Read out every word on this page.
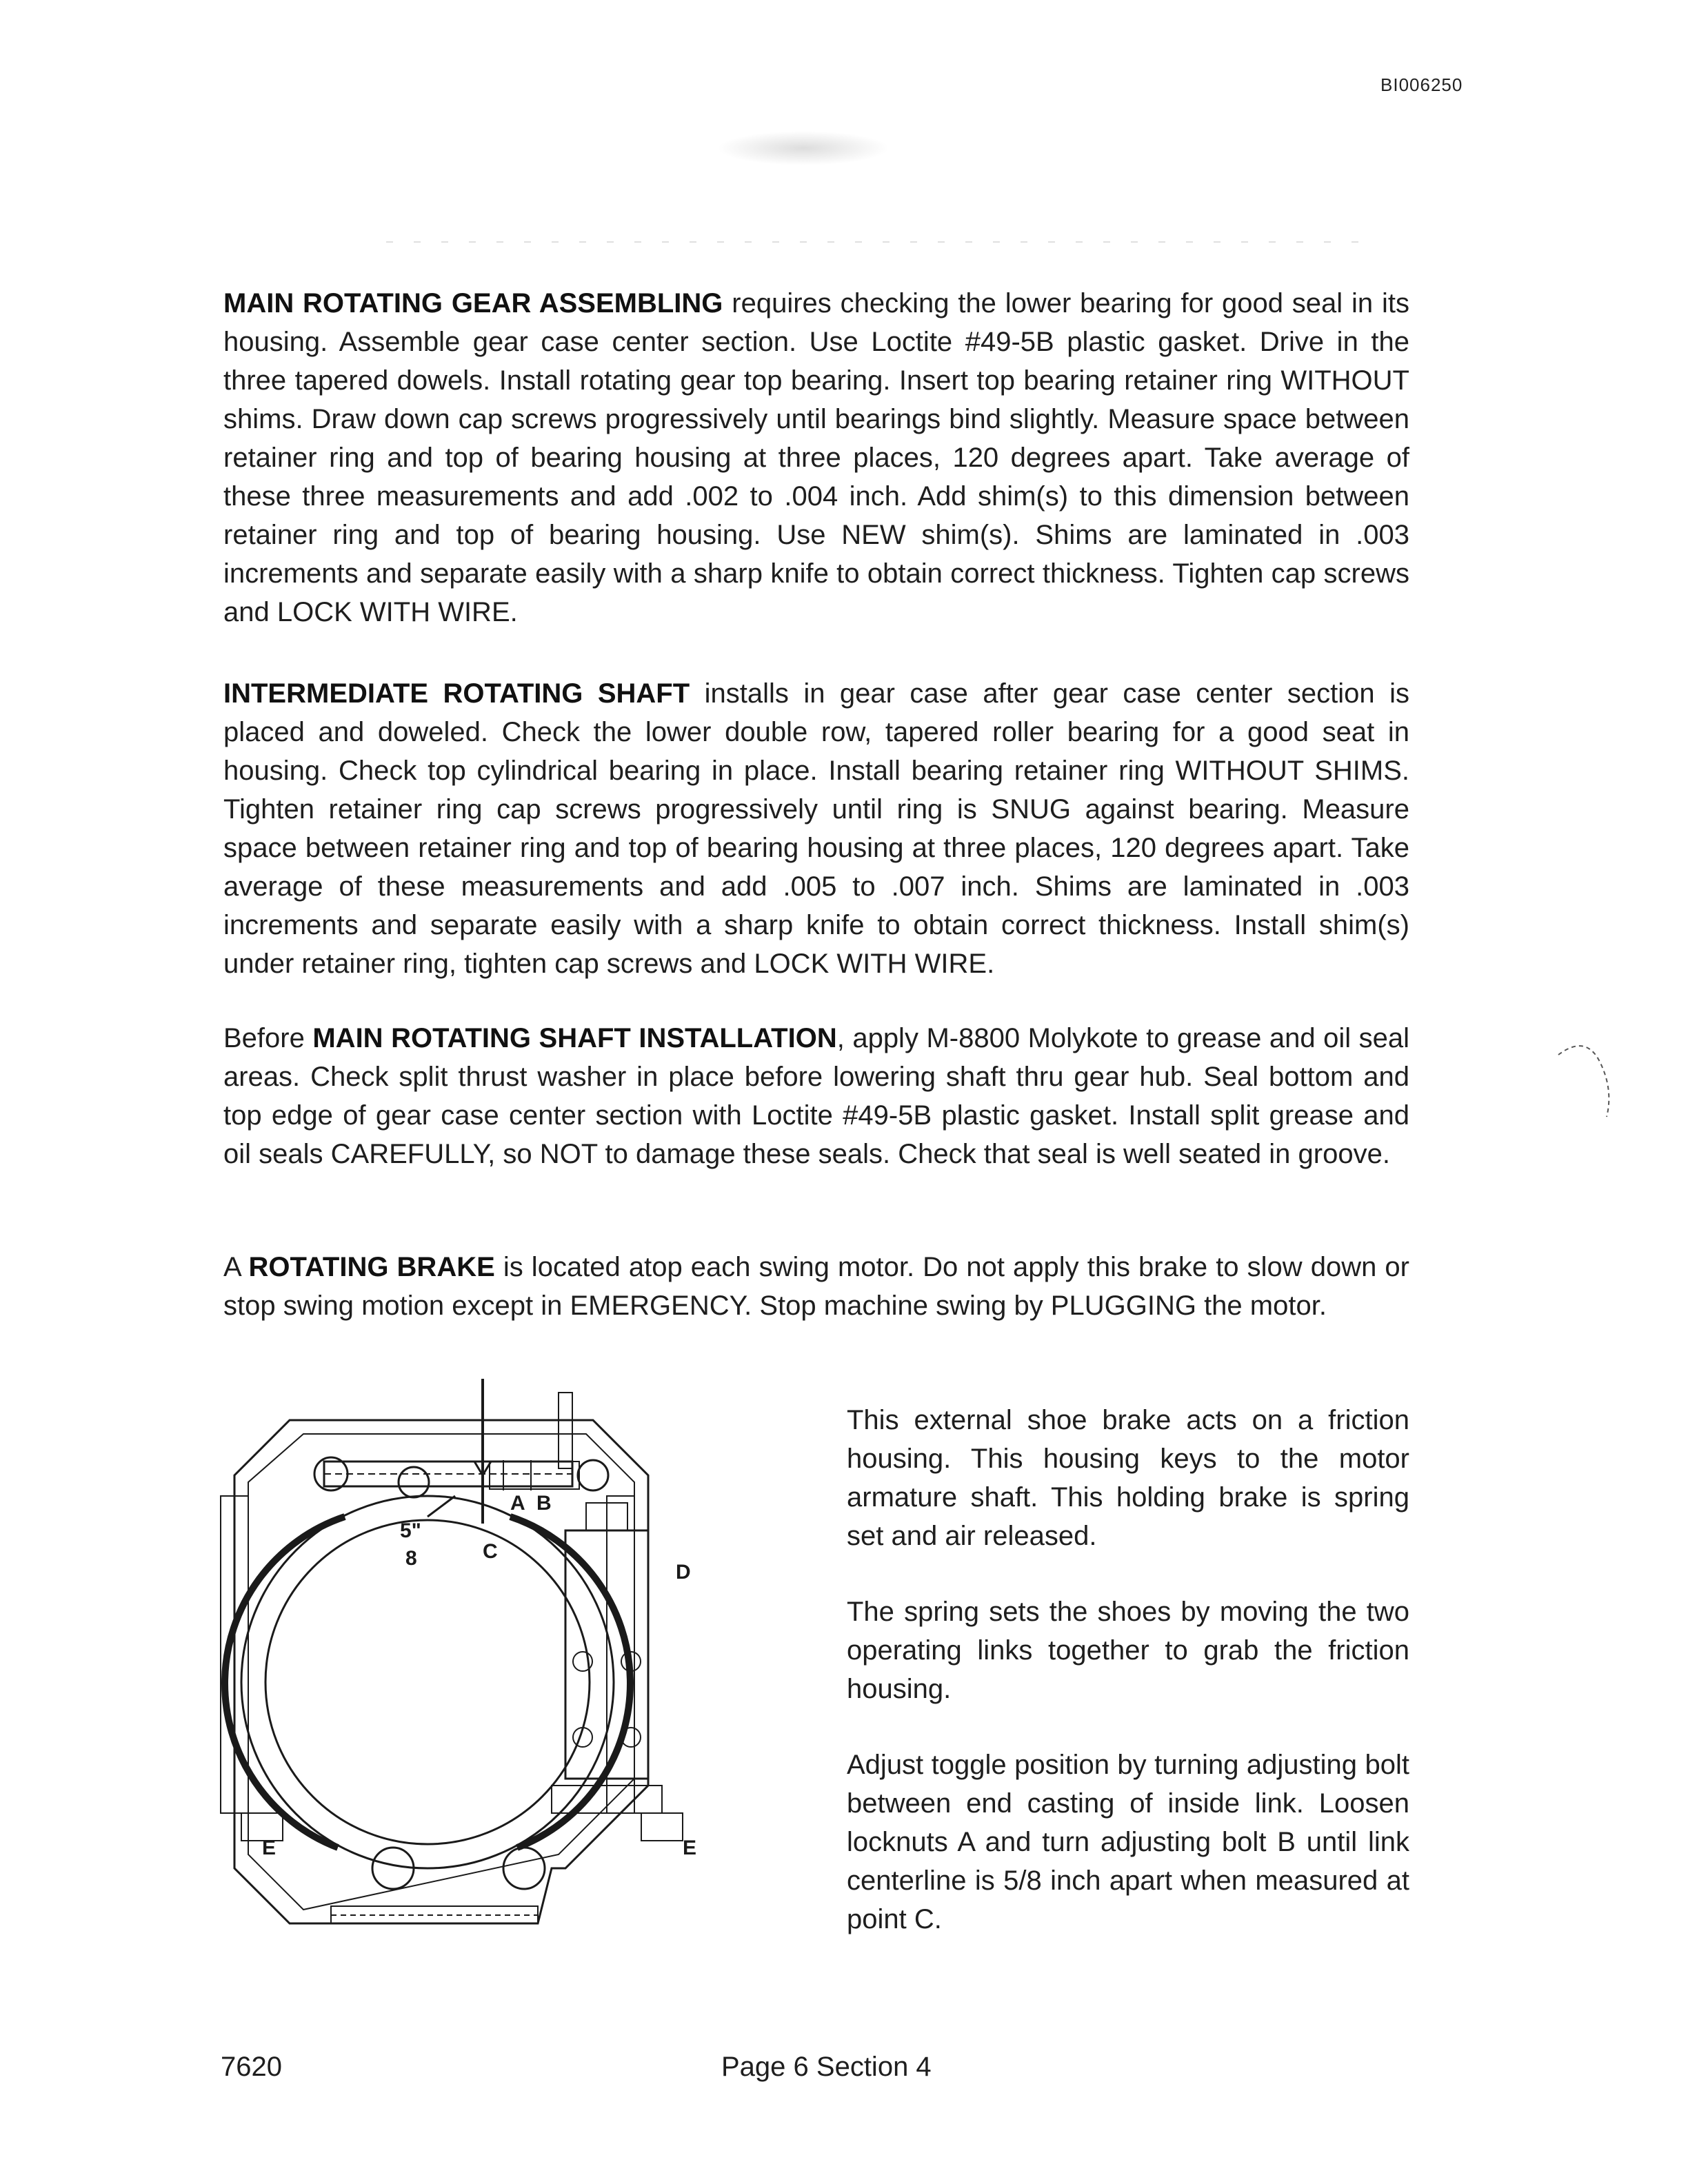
BI006250
MAIN ROTATING GEAR ASSEMBLING requires checking the lower bearing for good seal in its housing. Assemble gear case center section. Use Loctite #49-5B plastic gasket. Drive in the three tapered dowels. Install rotating gear top bearing. Insert top bearing retainer ring WITHOUT shims. Draw down cap screws progressively until bearings bind slightly. Measure space between retainer ring and top of bearing housing at three places, 120 degrees apart. Take average of these three measurements and add .002 to .004 inch. Add shim(s) to this dimension between retainer ring and top of bearing housing. Use NEW shim(s). Shims are laminated in .003 increments and separate easily with a sharp knife to obtain correct thickness. Tighten cap screws and LOCK WITH WIRE.
INTERMEDIATE ROTATING SHAFT installs in gear case after gear case center section is placed and doweled. Check the lower double row, tapered roller bearing for a good seat in housing. Check top cylindrical bearing in place. Install bearing retainer ring WITHOUT SHIMS. Tighten retainer ring cap screws progressively until ring is SNUG against bearing. Measure space between retainer ring and top of bearing housing at three places, 120 degrees apart. Take average of these measurements and add .005 to .007 inch. Shims are laminated in .003 increments and separate easily with a sharp knife to obtain correct thickness. Install shim(s) under retainer ring, tighten cap screws and LOCK WITH WIRE.
Before MAIN ROTATING SHAFT INSTALLATION, apply M-8800 Molykote to grease and oil seal areas. Check split thrust washer in place before lowering shaft thru gear hub. Seal bottom and top edge of gear case center section with Loctite #49-5B plastic gasket. Install split grease and oil seals CAREFULLY, so NOT to damage these seals. Check that seal is well seated in groove.
A ROTATING BRAKE is located atop each swing motor. Do not apply this brake to slow down or stop swing motion except in EMERGENCY. Stop machine swing by PLUGGING the motor.
A B
C
D
E	E
5"
8
This external shoe brake acts on a friction housing. This housing keys to the motor armature shaft. This holding brake is spring set and air released.
The spring sets the shoes by moving the two operating links together to grab the friction housing.
Adjust toggle position by turning adjusting bolt between end casting of inside link. Loosen locknuts A and turn adjusting bolt B until link centerline is 5/8 inch apart when measured at point C.
7620	Page 6 Section 4
